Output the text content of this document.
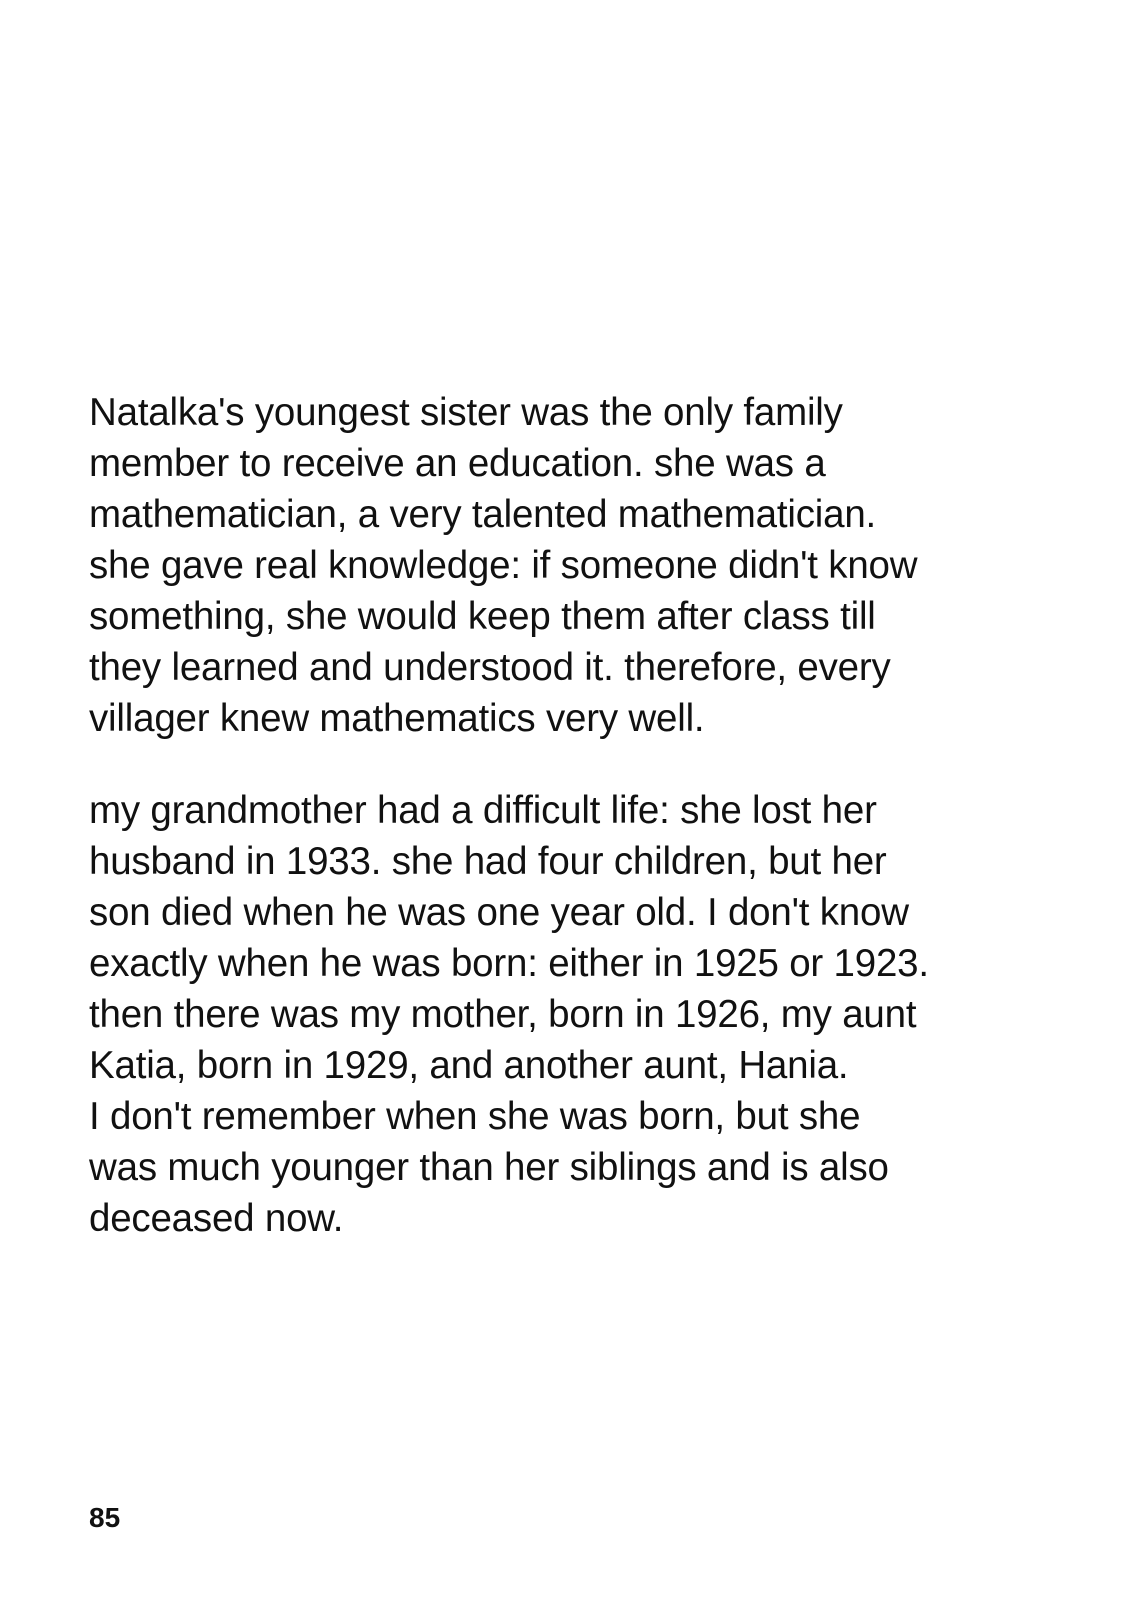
Natalka's youngest sister was the only family
member to receive an education. she was a
mathematician, a very talented mathematician.
she gave real knowledge: if someone didn't know
something, she would keep them after class till
they learned and understood it. therefore, every
villager knew mathematics very well.
my grandmother had a difficult life: she lost her
husband in 1933. she had four children, but her
son died when he was one year old. I don't know
exactly when he was born: either in 1925 or 1923.
then there was my mother, born in 1926, my aunt
Katia, born in 1929, and another aunt, Hania.
I don't remember when she was born, but she
was much younger than her siblings and is also
deceased now.
85
